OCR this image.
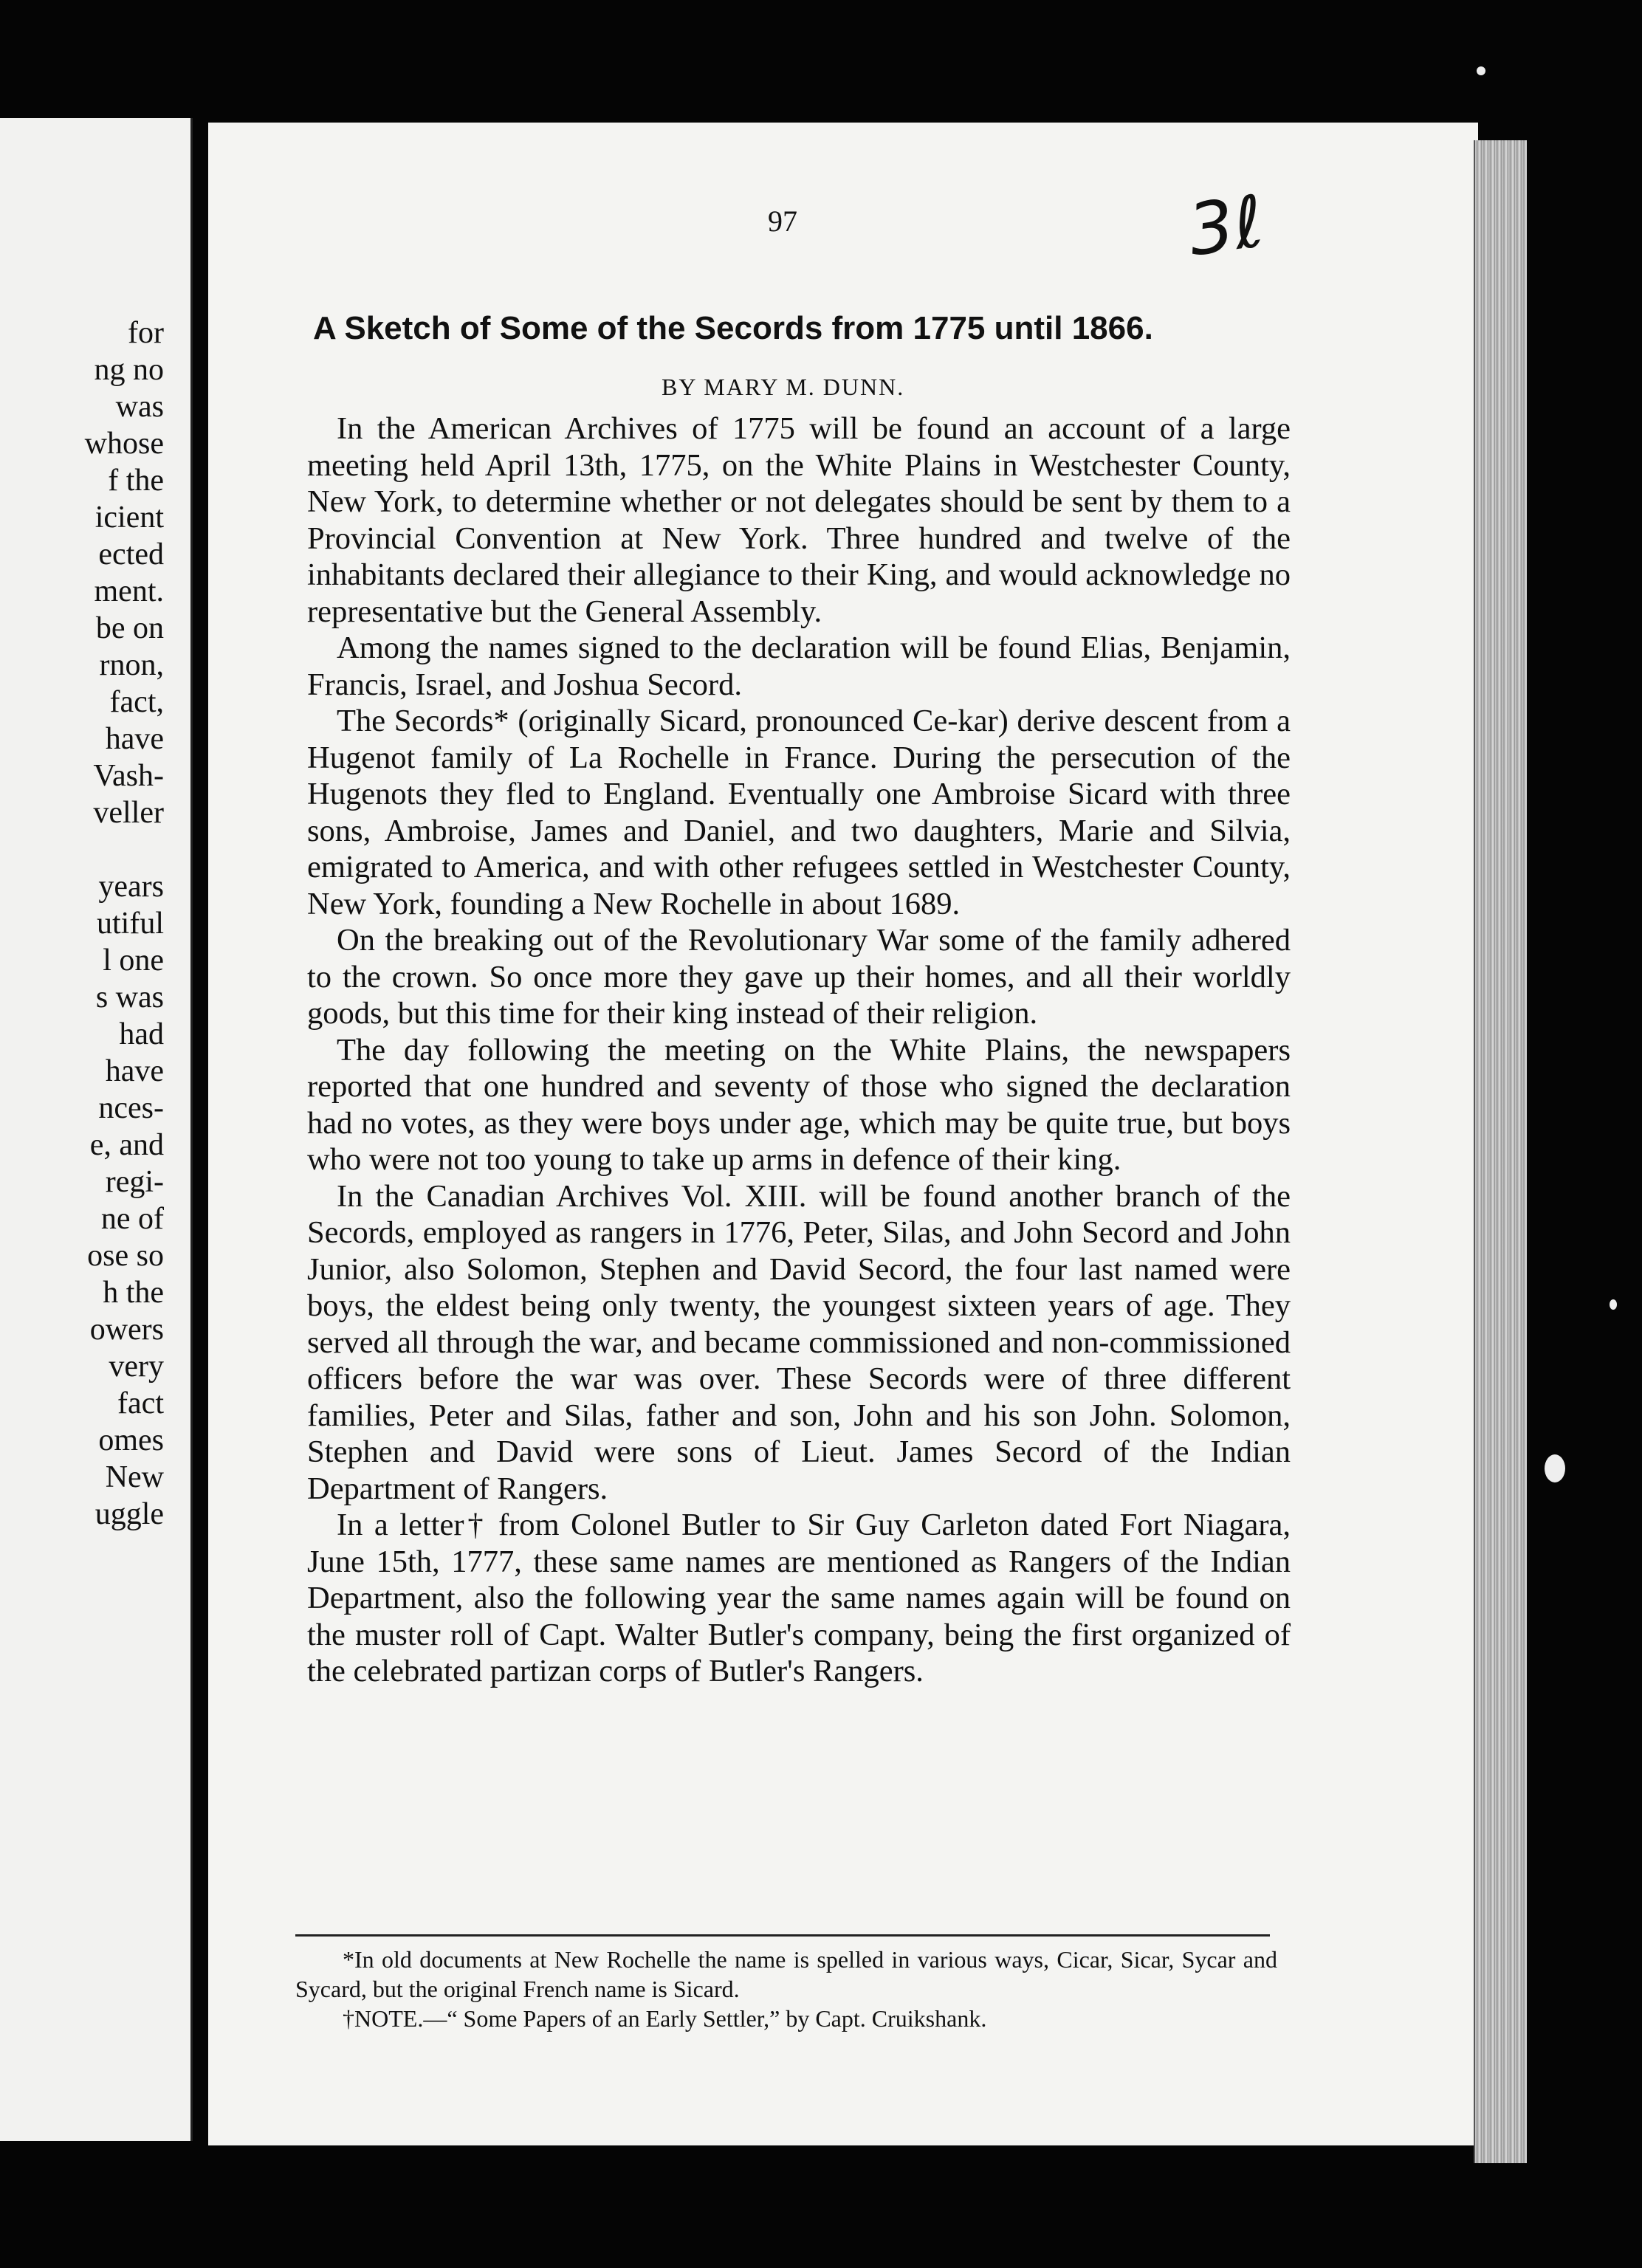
for
ng no
was
whose
f the
icient
ected
ment.
be on
rnon,
fact,
have
Vash-
veller

years
utiful
l one
s was
had
have
nces-
e, and
regi-
ne of
ose so
h the
owers
very
fact
omes
New
uggle
97	3ℓ
A Sketch of Some of the Secords from 1775 until 1866.
BY MARY M. DUNN.

In the American Archives of 1775 will be found an account of a large meeting held April 13th, 1775, on the White Plains in Westchester County, New York, to determine whether or not delegates should be sent by them to a Provincial Convention at New York. Three hundred and twelve of the inhabitants declared their allegiance to their King, and would acknowledge no representative but the General Assembly.

Among the names signed to the declaration will be found Elias, Benjamin, Francis, Israel, and Joshua Secord.

The Secords* (originally Sicard, pronounced Ce-kar) derive descent from a Hugenot family of La Rochelle in France. During the persecution of the Hugenots they fled to England. Eventually one Ambroise Sicard with three sons, Ambroise, James and Daniel, and two daughters, Marie and Silvia, emigrated to America, and with other refugees settled in Westchester County, New York, founding a New Rochelle in about 1689.

On the breaking out of the Revolutionary War some of the family adhered to the crown. So once more they gave up their homes, and all their worldly goods, but this time for their king instead of their religion.

The day following the meeting on the White Plains, the newspapers reported that one hundred and seventy of those who signed the declaration had no votes, as they were boys under age, which may be quite true, but boys who were not too young to take up arms in defence of their king.

In the Canadian Archives Vol. XIII. will be found another branch of the Secords, employed as rangers in 1776, Peter, Silas, and John Secord and John Junior, also Solomon, Stephen and David Secord, the four last named were boys, the eldest being only twenty, the youngest sixteen years of age. They served all through the war, and became commissioned and non-commissioned officers before the war was over. These Secords were of three different families, Peter and Silas, father and son, John and his son John. Solomon, Stephen and David were sons of Lieut. James Secord of the Indian Department of Rangers.

In a letter† from Colonel Butler to Sir Guy Carleton dated Fort Niagara, June 15th, 1777, these same names are mentioned as Rangers of the Indian Department, also the following year the same names again will be found on the muster roll of Capt. Walter Butler's company, being the first organized of the celebrated partizan corps of Butler's Rangers.

*In old documents at New Rochelle the name is spelled in various ways, Cicar, Sicar, Sycar and Sycard, but the original French name is Sicard.

†NOTE.—“ Some Papers of an Early Settler,” by Capt. Cruikshank.
